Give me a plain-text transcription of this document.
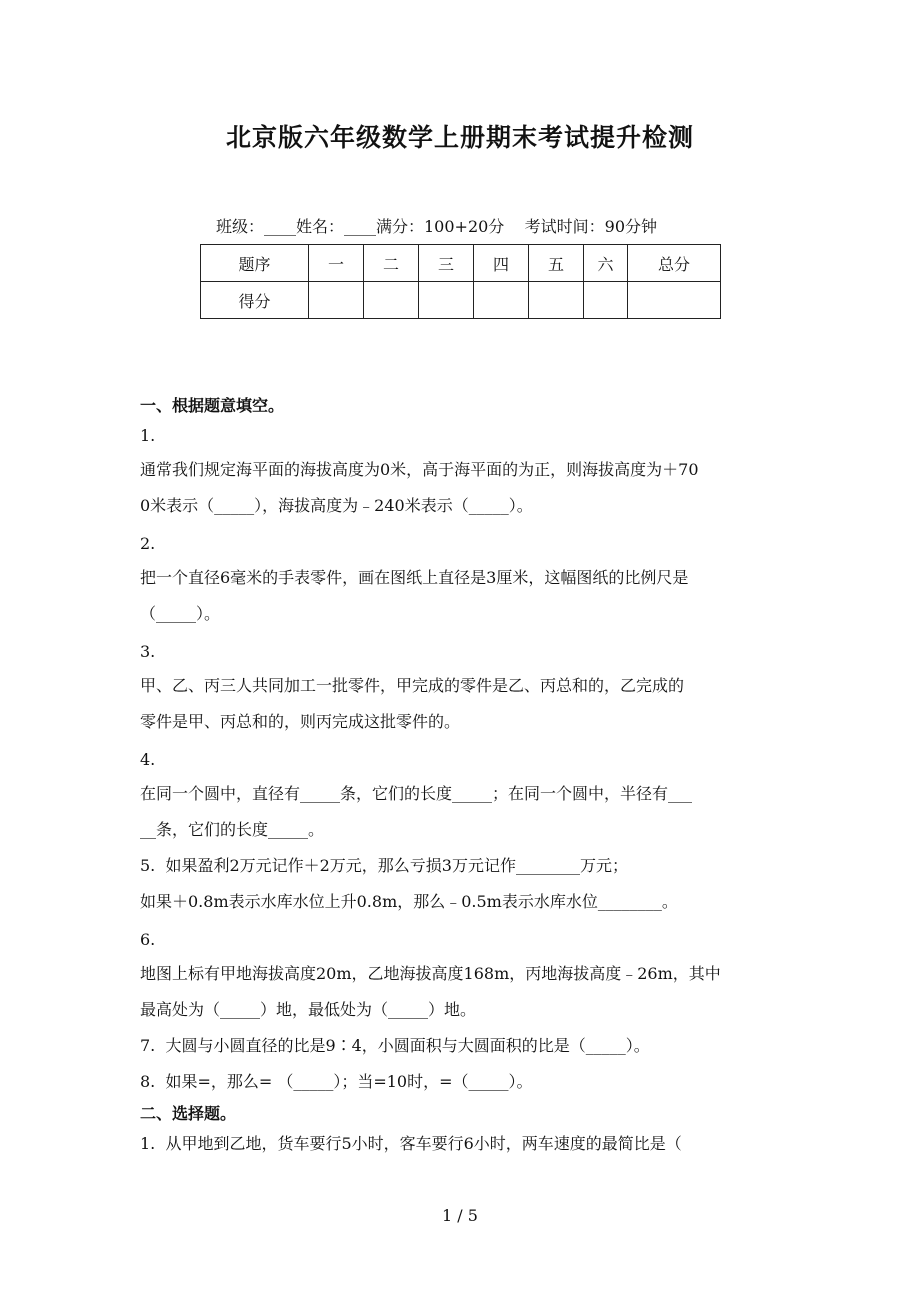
北京版六年级数学上册期末考试提升检测
班级：____姓名：____满分：100+20分    考试时间：90分钟
题序	一	二	三	四	五	六	总分
得分							
一、根据题意填空。
1.
通常我们规定海平面的海拔高度为0米，高于海平面的为正，则海拔高度为＋70
0米表示（_____），海拔高度为﹣240米表示（_____）。
2.
把一个直径6毫米的手表零件，画在图纸上直径是3厘米，这幅图纸的比例尺是
（_____）。
3.
甲、乙、丙三人共同加工一批零件，甲完成的零件是乙、丙总和的，乙完成的
零件是甲、丙总和的，则丙完成这批零件的。
4.
在同一个圆中，直径有_____条，它们的长度_____；在同一个圆中，半径有___
__条，它们的长度_____。
5.  如果盈利2万元记作＋2万元，那么亏损3万元记作________万元；
如果＋0.8m表示水库水位上升0.8m，那么﹣0.5m表示水库水位________。
6.
地图上标有甲地海拔高度20m，乙地海拔高度168m，丙地海拔高度﹣26m，其中
最高处为（_____）地，最低处为（_____）地。
7.  大圆与小圆直径的比是9∶4，小圆面积与大圆面积的比是（_____）。
8.  如果=，那么= （_____）；当=10时，=（_____）。
二、选择题。
1.  从甲地到乙地，货车要行5小时，客车要行6小时，两车速度的最简比是（
1 / 5
